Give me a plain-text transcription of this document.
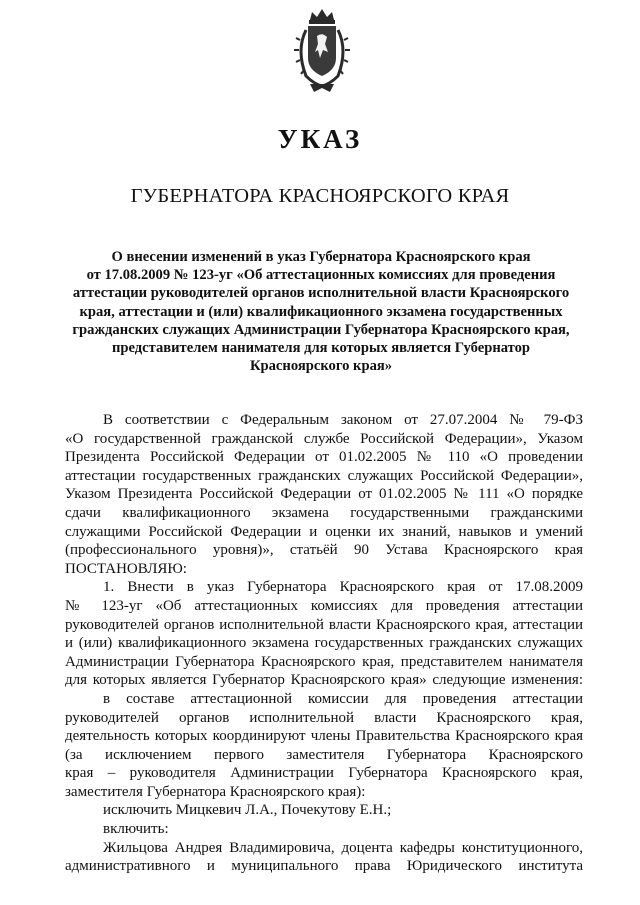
УКАЗ
ГУБЕРНАТОРА КРАСНОЯРСКОГО КРАЯ
О внесении изменений в указ Губернатора Красноярского края
от 17.08.2009 № 123-уг «Об аттестационных комиссиях для проведения
аттестации руководителей органов исполнительной власти Красноярского
края, аттестации и (или) квалификационного экзамена государственных
гражданских служащих Администрации Губернатора Красноярского края,
представителем нанимателя для которых является Губернатор
Красноярского края»
В соответствии с Федеральным законом от 27.07.2004 № 79-ФЗ
«О государственной гражданской службе Российской Федерации», Указом
Президента Российской Федерации от 01.02.2005 № 110 «О проведении
аттестации государственных гражданских служащих Российской Федерации»,
Указом Президента Российской Федерации от 01.02.2005 № 111 «О порядке
сдачи квалификационного экзамена государственными гражданскими
служащими Российской Федерации и оценки их знаний, навыков и умений
(профессионального уровня)», статьёй 90 Устава Красноярского края
ПОСТАНОВЛЯЮ:
1. Внести в указ Губернатора Красноярского края от 17.08.2009
№ 123-уг «Об аттестационных комиссиях для проведения аттестации
руководителей органов исполнительной власти Красноярского края, аттестации
и (или) квалификационного экзамена государственных гражданских служащих
Администрации Губернатора Красноярского края, представителем нанимателя
для которых является Губернатор Красноярского края» следующие изменения:
в составе аттестационной комиссии для проведения аттестации
руководителей органов исполнительной власти Красноярского края,
деятельность которых координируют члены Правительства Красноярского края
(за исключением первого заместителя Губернатора Красноярского
края – руководителя Администрации Губернатора Красноярского края,
заместителя Губернатора Красноярского края):
исключить Мицкевич Л.А., Почекутову Е.Н.;
включить:
Жильцова Андрея Владимировича, доцента кафедры конституционного,
административного и муниципального права Юридического института
